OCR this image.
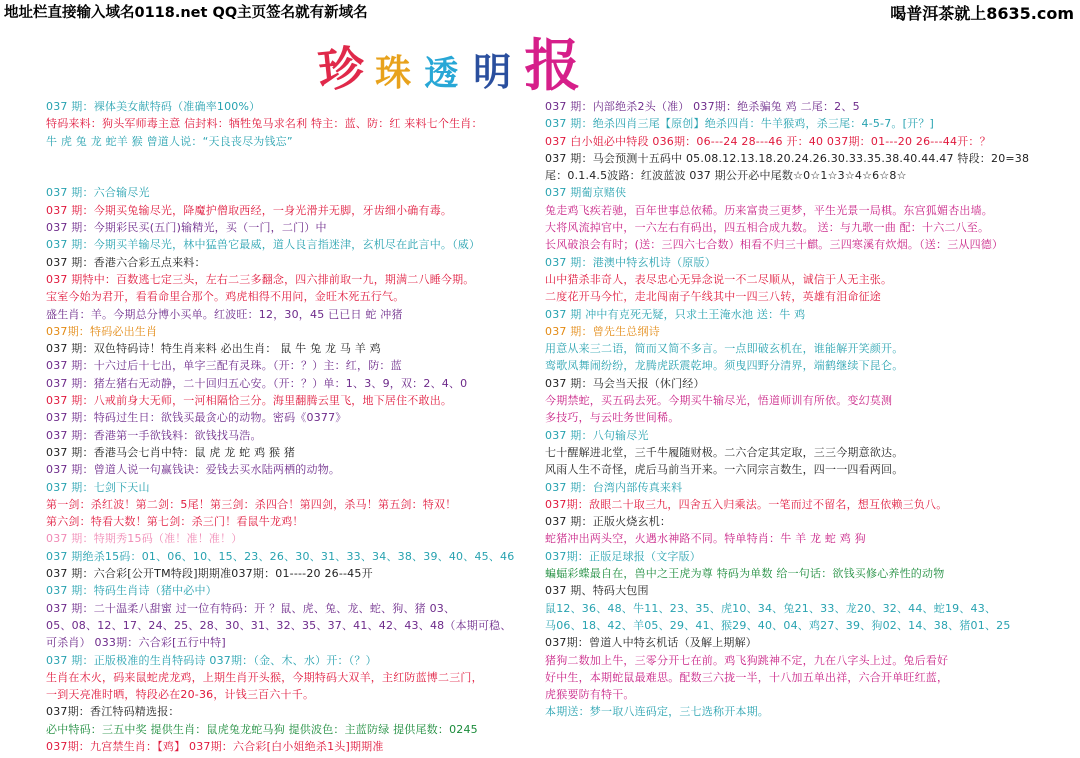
地址栏直接输入域名0118.net QQ主页签名就有新域名	喝普洱茶就上8635.com
珍 珠 透 明 报
037 期：裸体美女献特码（准确率100%）
特码来料：狗头军师毒主意 信封料：牺牲兔马求名利 特主：蓝、防：红 来料七个生肖：
牛 虎 兔 龙 蛇羊 猴 曾道人说：“天良丧尽为钱忘”
037 期：六合输尽光
037 期：今期买兔输尽光，降魔护僧取西经，一身光滑并无脚，牙齿细小确有毒。
037 期：今期彩民买(五门)输精光，买（一门，二门）中
037 期：今期买羊输尽光，林中猛兽它最威，道人良言指迷津，玄机尽在此言中。（威）
037 期：香港六合彩五点来料：
037 期特中：百数逃七定三头，左右二三多翻念，四六排前取一九，期满二八睡今期。
宝室今始为君开，看看命里合那个。鸡虎相得不用问，金旺木死五行气。
盛生肖：羊。今期总分博小买单。红波旺：12，30，45 已已日 蛇 冲猪
037期：特码必出生肖
037 期：双色特码诗！特生肖来料 必出生肖： 鼠 牛 兔 龙 马 羊 鸡
037 期：十六过后十七出，单字三配有灵珠。（开：？）主：红，防：蓝
037 期：猪左猪右无动静，二十回归五心安。（开：？）单：1、3、9，双：2、4、0
037 期：八戒前身大无师，一河相隔恰三分。海里翻腾云里飞，地下居住不敢出。
037 期：特码过生日：欲钱买最贪心的动物。密码《0377》
037 期：香港第一手欲钱料：欲钱找马浩。
037 期：香港马会七肖中特：鼠 虎 龙 蛇 鸡 猴 猪
037 期：曾道人说一句赢钱诀：爱钱去买水陆两栖的动物。
037 期：七剑下天山
第一剑：杀红波！第二剑：5尾！第三剑：杀四合！第四剑，杀马！第五剑：特双！
第六剑：特看大数！第七剑：杀三门！看鼠牛龙鸡！
037 期：特期秀15码（准！准！准！）
037 期绝杀15码：01、06、10、15、23、26、30、31、33、34、38、39、40、45、46
037 期：六合彩[公开TM特段]期期准037期：01----20 26--45开
037 期：特码生肖诗（猪中必中）
037 期：二十温柔八甜蜜 过一位有特码：开 ？鼠、虎、兔、龙、蛇、狗、猪 03、
05、08、12、17、24、25、28、30、31、32、35、37、41、42、43、48（本期可稳、
可杀肖） 033期：六合彩[五行中特]
037 期：正版极准的生肖特码诗 037期：（金、木、水）开：（？）
生肖在木火，码来鼠蛇虎龙鸡，上期生肖开头猴，今期特码大双羊，主红防蓝博二三门，
一到天亮准时晒，特段必在20-36，计钱三百六十千。
037期：香江特码精选报：
必中特码：三五中奖 提供生肖：鼠虎兔龙蛇马狗 提供波色：主蓝防绿 提供尾数：0245
037期：九宫禁生肖：【鸡】 037期：六合彩[白小姐绝杀1头]期期准
037 期：内部绝杀2头（准） 037期：绝杀骗兔 鸡 二尾：2、5
037 期：绝杀四肖三尾【原创】绝杀四肖：牛羊猴鸡，杀三尾：4-5-7。[开？]
037 白小姐必中特段 036期：06---24 28---46 开：40 037期：01---20 26---44开：？
037 期：马会预测十五码中 05.08.12.13.18.20.24.26.30.33.35.38.40.44.47 特段：20=38
尾：0.1.4.5波路：红波蓝波 037 期公开必中尾数☆0☆1☆3☆4☆6☆8☆
037 期葡京赌侠
兔走鸡飞疾若驰，百年世事总依稀。历来富贵三更梦，平生光景一局棋。东宫狐媚杏出墙。
大将风流掉官中，一六左右有码出，四五相合成九数。 送：与九歌一曲 配：十六二八至。
长风破浪会有时；(送：三四六七合数）相看不归三十麒。三四寒溪有炊烟。（送：三从四德）
037 期：港澳中特玄机诗（原版）
山中猎杀非奇人，表尽忠心无异念说一不二尽顺从，诚信于人无主张。
二度花开马今忙，走北闯南子午线其中一四三八转，英雄有泪命征途
037 期 冲中有克死无疑，只求土王淹水池 送：牛 鸡
037 期：曾先生总纲诗
用意从来三二语，简而又简不多言。一点即破玄机在，谁能解开笑颜开。
鸾歌凤舞闹纷纷，龙腾虎跃震乾坤。须曳四野分清界，端鹤继续下昆仑。
037 期：马会当天报（休门经）
今期禁蛇，买五码去死。今期买牛输尽光，悟道师训有所依。变幻莫测
多技巧，与云吐务世间稀。
037 期：八句输尽光
七十醒解进北堂，三千牛履随财极。二六合定其定取，三三今期意欲达。
风雨人生不奇怪，虎后马前当开来。一六同宗言数生，四一一四看两回。
037 期：台湾内部传真来料
037期：敌眼二十取三九，四舍五入归乘法。一笔而过不留名，想互依赖三负八。
037 期：正版火烧玄机：
蛇猪冲出两头空，火遇水神路不同。特单特肖：牛 羊 龙 蛇 鸡 狗
037期：正版足球报（文字版）
蝙蝠彩蝶最自在，兽中之王虎为尊 特码为单数 给一句话：欲钱买修心养性的动物
037 期、特码大包围
鼠12、36、48、牛11、23、35、虎10、34、兔21、33、龙20、32、44、蛇19、43、
马06、18、42、羊05、29、41、猴29、40、04、鸡27、39、狗02、14、38、猪01、25
037期：曾道人中特玄机话（及解上期解）
猪狗二数加上牛，三零分开七在前。鸡飞狗跳神不定，九在八字头上过。兔后看好
好中生，本期蛇鼠最难思。配数三六拢一半，十八加五单出祥，六合开单旺红蓝，
虎猴要防有特干。
本期送：梦一取八连码定，三七选称开本期。
